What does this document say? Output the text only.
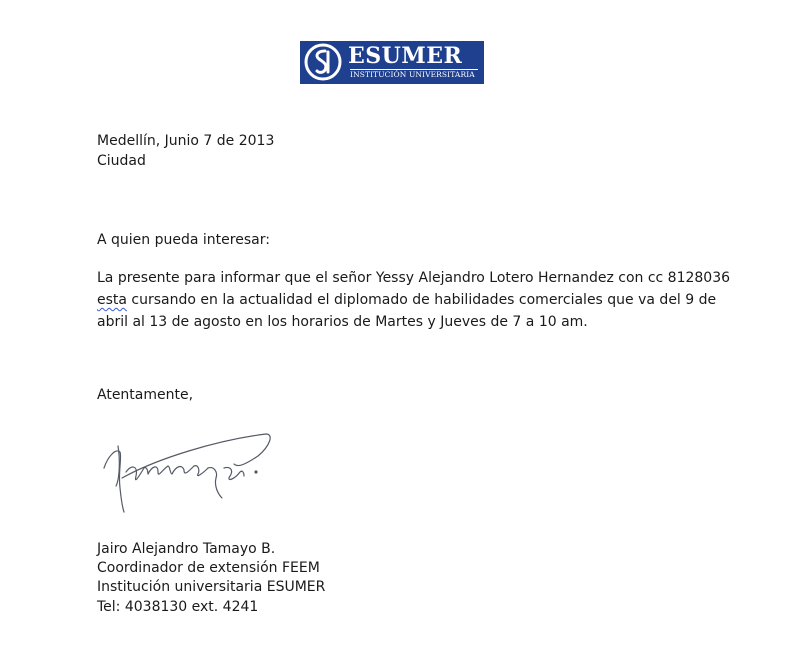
ESUMER
INSTITUCIÓN UNIVERSITARIA

Medellín, Junio 7 de 2013

Ciudad

A quien pueda interesar:

La presente para informar que el señor Yessy Alejandro Lotero Hernandez con cc 8128036

esta cursando en la actualidad el diplomado de habilidades comerciales que va del 9 de

abril al 13 de agosto en los horarios de Martes y Jueves de 7 a 10 am.

Atentamente,

Jairo Alejandro Tamayo B.

Coordinador de extensión FEEM

Institución universitaria ESUMER

Tel: 4038130 ext. 4241
